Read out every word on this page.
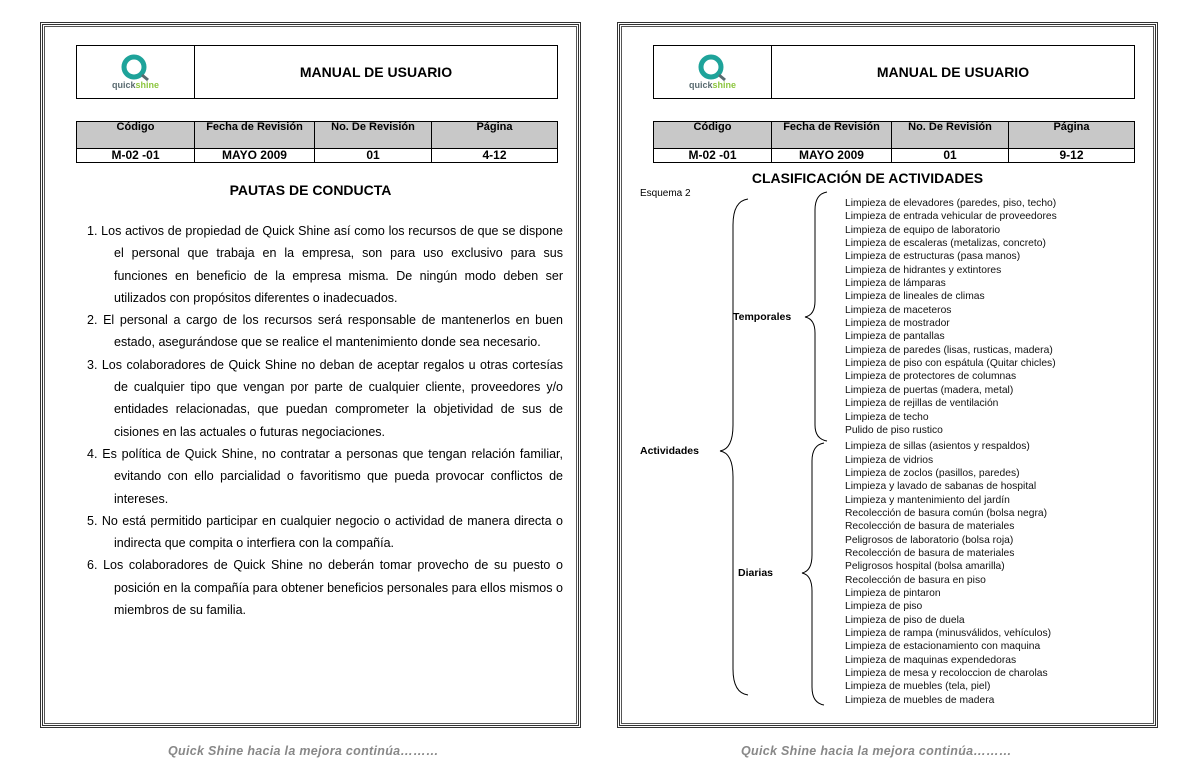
quickshine
MANUAL DE USUARIO
Código	Fecha de Revisión	No. De Revisión	Página
M-02 -01	MAYO 2009	01	4-12
PAUTAS DE CONDUCTA
1. Los activos de propiedad de Quick Shine así como los recursos de que se dispone el personal que trabaja en la empresa, son para uso exclusivo para sus funciones en beneficio de la empresa misma. De ningún modo deben ser utilizados con propósitos diferentes o inadecuados.
2. El personal a cargo de los recursos será responsable de mantenerlos en buen estado, asegurándose que se realice el mantenimiento donde sea necesario.
3. Los colaboradores de Quick Shine no deban de aceptar regalos u otras cortesías de cualquier tipo que vengan por parte de cualquier cliente, proveedores y/o entidades relacionadas, que puedan comprometer la objetividad de sus de cisiones en las actuales o futuras negociaciones.
4. Es política de Quick Shine, no contratar a personas que tengan relación familiar, evitando con ello parcialidad o favoritismo que pueda provocar conflictos de intereses.
5. No está permitido participar en cualquier negocio o actividad de manera directa o indirecta que compita o interfiera con la compañía.
6. Los colaboradores de Quick Shine no deberán tomar provecho de su puesto o posición en la compañía para obtener beneficios personales para ellos mismos o miembros de su familia.
quickshine
MANUAL DE USUARIO
Código	Fecha de Revisión	No. De Revisión	Página
M-02 -01	MAYO 2009	01	9-12
CLASIFICACIÓN DE ACTIVIDADES
Esquema 2
Actividades
Temporales
Diarias
Limpieza de elevadores (paredes, piso, techo)
Limpieza de entrada vehicular de proveedores
Limpieza de equipo de laboratorio
Limpieza de escaleras (metalizas, concreto)
Limpieza de estructuras (pasa manos)
Limpieza de hidrantes y extintores
Limpieza de lámparas
Limpieza de lineales de climas
Limpieza de maceteros
Limpieza de mostrador
Limpieza de pantallas
Limpieza de paredes (lisas, rusticas, madera)
Limpieza de piso con espátula (Quitar chicles)
Limpieza de protectores de columnas
Limpieza de puertas (madera, metal)
Limpieza de rejillas de ventilación
Limpieza de techo
Pulido de piso rustico
Limpieza de sillas (asientos y respaldos)
Limpieza de vidrios
Limpieza de zoclos (pasillos, paredes)
Limpieza y lavado de sabanas de hospital
Limpieza y mantenimiento del jardín
Recolección de basura común (bolsa negra)
Recolección de basura de materiales
Peligrosos de laboratorio (bolsa roja)
Recolección de basura de materiales
Peligrosos hospital (bolsa amarilla)
Recolección de basura en piso
Limpieza de pintaron
Limpieza de piso
Limpieza de piso de duela
Limpieza de rampa (minusválidos, vehículos)
Limpieza de estacionamiento con maquina
Limpieza de maquinas expendedoras
Limpieza de mesa y recoloccion de charolas
Limpieza de muebles (tela, piel)
Limpieza de muebles de madera
Quick Shine hacia la mejora continúa………	Quick Shine hacia la mejora continúa………
